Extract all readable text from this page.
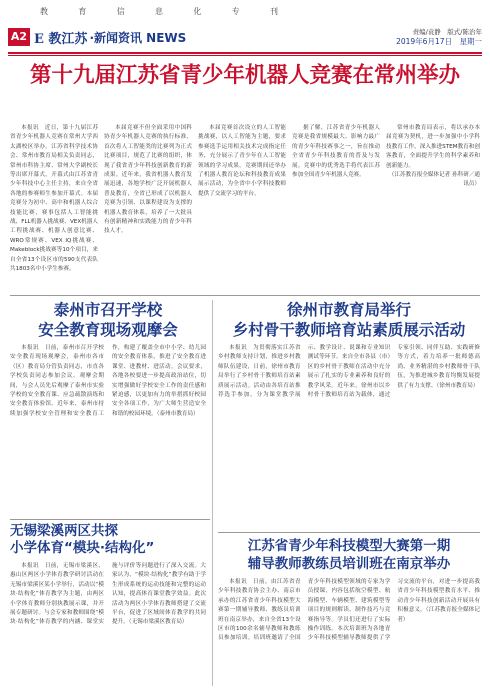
教	育	信	息	化	专	刊
A2 E 教江苏 ·新闻资讯 NEWS	责编/袁静　版式/陈治年
2019年6月17日　星期一
第十九届江苏省青少年机器人竞赛在常州举办

本报讯　近日，第十九届江苏省青少年机器人竞赛在常州大学西太湖校区举办。江苏省科学技术协会、常州市教育局相关负责同志，常州市科协主席、常州大学副校长等出席开幕式。开幕式由江苏省青少年科技中心主任主持，来自全省各地的参赛师生参加开幕式。本届竞赛分为初中、高中和机器人综合技能比赛，赛事包括人工智能挑战、FLL机器人挑战赛、VEX机器人工程挑战赛、机器人创意比赛、WRO常规赛、VEX IQ挑战赛、Makeblock挑战赛等10个项目，来自全省13个设区市的590支代表队共1803名中小学生参赛。

本届竞赛不但全面采用中国科协青少年机器人竞赛的执行标准，首次将人工智能类的比赛列为正式比赛项目，规范了比赛的组织，体现了我省青少年科技创新教育的新成果。近年来，我省机器人教育发展迅速，各地学校广泛开展机器人普及教育，全省已形成了以机器人竞赛为引领、以课程建设为支撑的机器人教育体系，培养了一大批具有创新精神和实践能力的青少年科技人才。

本届竞赛首次设立的人工智能挑战赛，以人工智能为主题，要求参赛选手运用相关技术完成指定任务，充分展示了青少年在人工智能领域的学习成果。竞赛期间还举办了机器人教育论坛和科技教育成果展示活动，为全省中小学科技教师提供了交流学习的平台。

据了解，江苏省青少年机器人竞赛是我省规模最大、影响力最广的青少年科技赛事之一，旨在推动全省青少年科技教育的普及与发展。竞赛中的优秀选手将代表江苏参加全国青少年机器人竞赛。

常州市教育局表示，将以承办本届竞赛为契机，进一步加强中小学科技教育工作，深入推进STEM教育和创客教育，全面提升学生的科学素养和创新能力。

（江苏教育报全媒体记者 孙科研／通讯员）

泰州市召开学校
安全教育现场观摩会

本报讯　日前，泰州市召开学校安全教育现场观摩会，泰州市各市（区）教育局分管负责同志，市直各学校负责同志参加会议。观摩会期间，与会人员先后观摩了泰州市实验学校的安全教育课、应急疏散演练和安全教育体验馆。近年来，泰州市持续加强学校安全管理和安全教育工作，构建了覆盖全市中小学、幼儿园的安全教育体系，推进了安全教育进课堂、进教材、进活动。会议要求，各地各校要进一步提高政治站位，切实增强做好学校安全工作的责任感和紧迫感，以更加有力的举措抓好校园安全各项工作，为广大师生营造安全和谐的校园环境。（泰州市教育局）

徐州市教育局举行
乡村骨干教师培育站素质展示活动

本报讯　为贯彻落实江苏省乡村教师支持计划，推进乡村教师队伍建设，日前，徐州市教育局举行了乡村骨干教师培育站素质展示活动。活动由各培育站推荐选手参加，分为课堂教学展示、教学设计、说课和专业知识测试等环节。来自全市各县（市）区的乡村骨干教师在活动中充分展示了扎实的专业素养和良好的教学风采。近年来，徐州市以乡村骨干教师培育站为载体，通过专家引领、同伴互助、实践研修等方式，着力培养一批师德高尚、业务精湛的乡村教师骨干队伍，为推进城乡教育均衡发展提供了有力支撑。（徐州市教育局）

无锡梁溪两区共探
小学体育“模块·结构化”

本报讯　日前，无锡市梁溪区、惠山区两区小学体育教学研讨活动在无锡市梁溪区某小学举行，活动以“模块·结构化”体育教学为主题，由两区小学体育教师分别执教展示课，并开展专题研讨。与会专家和教师围绕“模块·结构化”体育教学的内涵、课堂实施与评价等问题进行了深入交流。大家认为，“模块·结构化”教学有助于学生形成系统的运动技能和完整的运动认知，提高体育课堂教学效益。此次活动为两区小学体育教师搭建了交流平台，促进了区域间体育教学的共同提升。（无锡市梁溪区教育局）

江苏省青少年科技模型大赛第一期
辅导教师教练员培训班在南京举办

本报讯　日前，由江苏省青少年科技教育协会主办、南京市承办的江苏省青少年科技模型大赛第一期辅导教师、教练员培训班在南京举办，来自全省13个设区市的100余名辅导教师和教练员参加培训。培训班邀请了全国青少年科技模型领域的专家为学员授课，内容包括航空模型、航海模型、车辆模型、建筑模型等项目的规则解读、制作技巧与竞赛指导等。学员们还进行了实际操作训练。本次培训班为各地青少年科技模型辅导教师提供了学习交流的平台，对进一步提高我省青少年科技模型教育水平、推动青少年科技创新活动开展具有积极意义。（江苏教育报全媒体记者）
